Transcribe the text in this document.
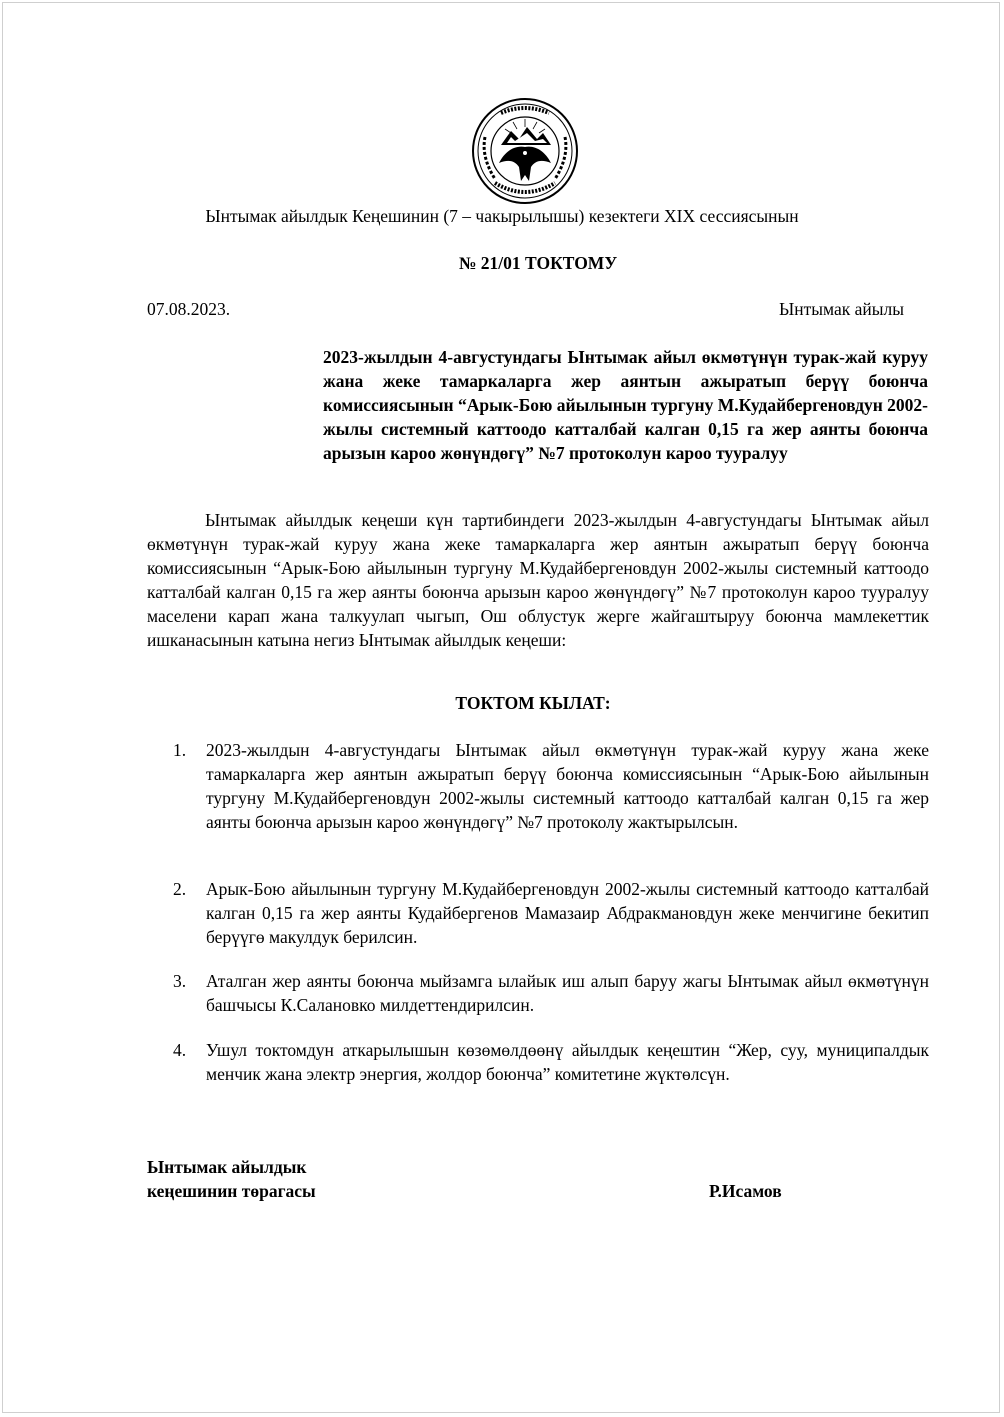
Ынтымак айылдык Кеңешинин (7 – чакырылышы) кезектеги XIX сессиясынын
№ 21/01 ТОКТОМУ
07.08.2023.	Ынтымак айылы
2023-жылдын 4-августундагы Ынтымак айыл өкмөтүнүн турак-жай куруу жана жеке тамаркаларга жер аянтын ажыратып берүү боюнча комиссиясынын “Арык-Бою айылынын тургуну М.Кудайбергеновдун 2002-жылы системный каттоодо катталбай калган 0,15 га жер аянты боюнча арызын кароо жөнүндөгү” №7 протоколун кароо тууралуу
Ынтымак айылдык кеңеши күн тартибиндеги 2023-жылдын 4-августундагы Ынтымак айыл өкмөтүнүн турак-жай куруу жана жеке тамаркаларга жер аянтын ажыратып берүү боюнча комиссиясынын “Арык-Бою айылынын тургуну М.Кудайбергеновдун 2002-жылы системный каттоодо катталбай калган 0,15 га жер аянты боюнча арызын кароо жөнүндөгү” №7 протоколун кароо тууралуу маселени карап жана талкуулап чыгып, Ош облустук жерге жайгаштыруу боюнча мамлекеттик ишканасынын катына негиз Ынтымак айылдык кеңеши:
ТОКТОМ КЫЛАТ:
1. 2023-жылдын 4-августундагы Ынтымак айыл өкмөтүнүн турак-жай куруу жана жеке тамаркаларга жер аянтын ажыратып берүү боюнча комиссиясынын “Арык-Бою айылынын тургуну М.Кудайбергеновдун 2002-жылы системный каттоодо катталбай калган 0,15 га жер аянты боюнча арызын кароо жөнүндөгү” №7 протоколу жактырылсын.
2. Арык-Бою айылынын тургуну М.Кудайбергеновдун 2002-жылы системный каттоодо катталбай калган 0,15 га жер аянты Кудайбергенов Мамазаир Абдракмановдун жеке менчигине бекитип берүүгө макулдук берилсин.
3. Аталган жер аянты боюнча мыйзамга ылайык иш алып баруу жагы Ынтымак айыл өкмөтүнүн башчысы К.Салановко милдеттендирилсин.
4. Ушул токтомдун аткарылышын көзөмөлдөөнү айылдык кеңештин “Жер, суу, муниципалдык менчик жана электр энергия, жолдор боюнча” комитетине жүктөлсүн.
Ынтымак айылдык
кеңешинин төрагасы	Р.Исамов
